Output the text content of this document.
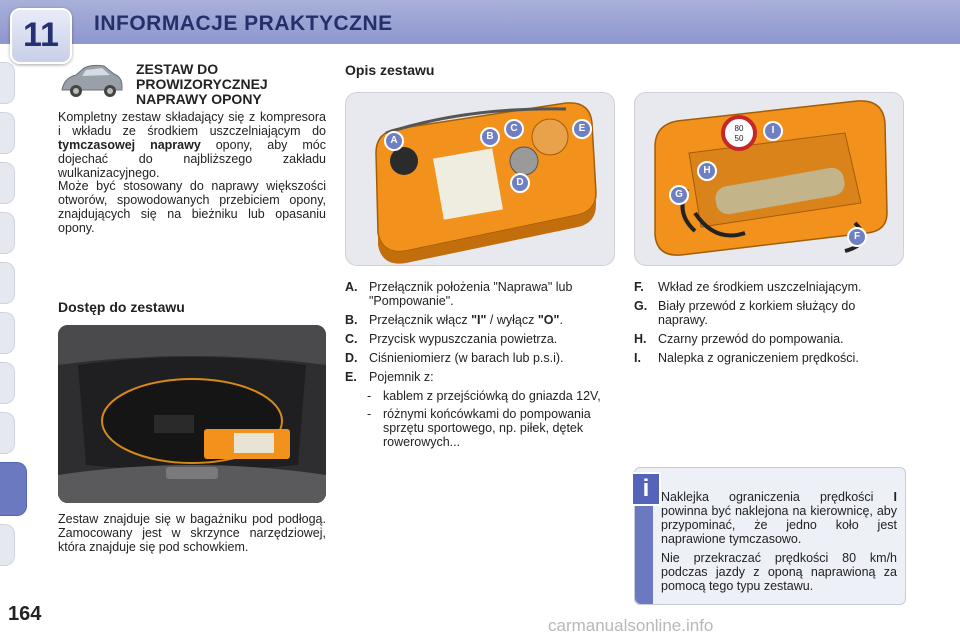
INFORMACJE PRAKTYCZNE
11
ZESTAW DO
PROWIZORYCZNEJ
NAPRAWY OPONY

Kompletny zestaw składający się z kompresora i wkładu ze środkiem uszczelniającym do tymczasowej naprawy opony, aby móc dojechać do najbliższego zakładu wulkanizacyjnego.

Może być stosowany do naprawy większości otworów, spowodowanych przebiciem opony, znajdujących się na bieżniku lub opasaniu opony.

Dostęp do zestawu

Zestaw znajduje się w bagażniku pod podłogą. Zamocowany jest w skrzynce narzędziowej, która znajduje się pod schowkiem.

Opis zestawu
A	B
C
D
E	80
50
I
H
G
F
A. Przełącznik położenia "Naprawa" lub "Pompowanie".
B. Przełącznik włącz "I" / wyłącz "O".
C. Przycisk wypuszczania powietrza.
D. Ciśnieniomierz (w barach lub p.s.i).
E. Pojemnik z:
- kablem z przejściówką do gniazda 12V,
- różnymi końcówkami do pompowania sprzętu sportowego, np. piłek, dętek rowerowych...
F. Wkład ze środkiem uszczelniającym.
G. Biały przewód z korkiem służący do naprawy.
H. Czarny przewód do pompowania.
I. Nalepka z ograniczeniem prędkości.
i Naklejka ograniczenia prędkości I powinna być naklejona na kierownicę, aby przypominać, że jedno koło jest naprawione tymczasowo.

Nie przekraczać prędkości 80 km/h podczas jazdy z oponą naprawioną za pomocą tego typu zestawu.

164
carmanualsonline.info
